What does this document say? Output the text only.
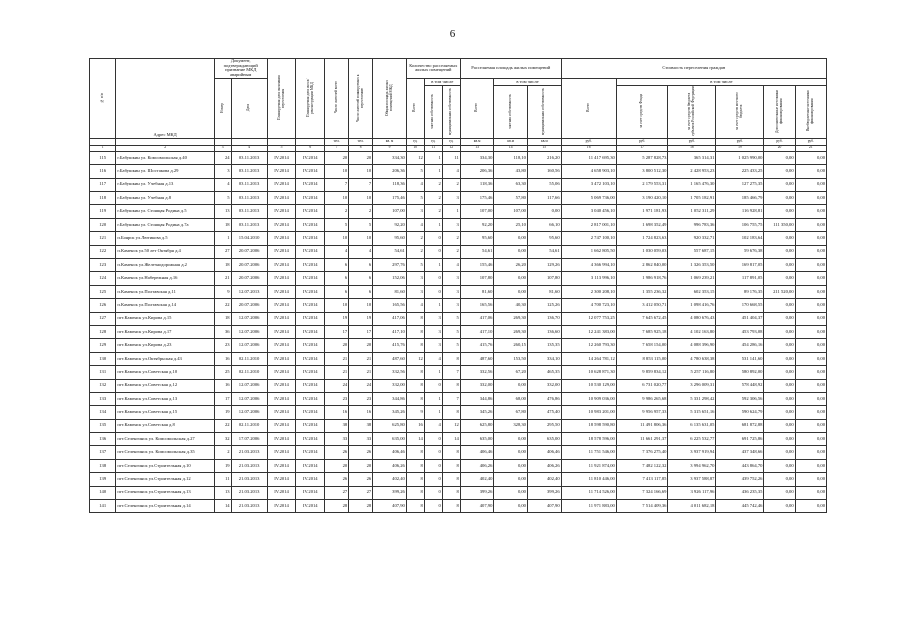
6
№ п/п	Адрес МКД	Документ, подтверждающий признание МКД аварийным		Планируемая дата окончания переселения	Планируемая дата сноса/реконструкции МКД	Число жителей всего	Число жителей планируемых к переселению	Общая площадь жилых помещений МКД	Количество расселяемых жилых помещений			Расселяемая площадь жилых помещений			Стоимость переселения граждан					
		Номер	Дата						Всего	в том числе		Всего	в том числе		Всего	в том числе				
										частная собственность	муниципальная собственность		частная собственность	муниципальная собственность		за счет средств Фонда	за счет средств бюджета субъекта Российской Федерации	за счет средств местного бюджета	Дополнительные источники финансирования	Внебюджетные источники финансирования
						чел.	чел.	кв. м	ед.	ед.	ед.	кв.м	кв.м	кв.м	руб.	руб.	руб.	руб.	руб.	руб.
1	2	3	4	5	6	7	8	9	10	11	12	13	14	15	16	17	18	19	20	21
115	г.Бабушкин ул. Комсомольская д.40	24	03.11.2013	IV.2014	IV.2014	20	20	334,30	12	1	11	334,30	118,10	216,20	11 417 695,30	5 287 828,73	365 314,31	1 025 990,00	0,00	0,00
116	г.Бабушкин ул. Шостакова д.29	3	03.11.2013	IV.2014	IV.2014	10	10	206,36	5	1	4	206,36	43,80	160,56	4 658 903,10	3 800 512,30	2 428 953,23	225 433,25	0,00	0,00
117	г.Бабушкин ул. Учебная д.13	4	03.11.2013	IV.2014	IV.2014	7	7	118,36	4	2	2	118,36	63,30	55,06	3 472 103,10	2 179 553,31	1 165 476,30	127 275,35	0,00	0,00
118	г.Бабушкин ул. Учебная д.8	5	03.11.2013	IV.2014	IV.2014	10	10	175,46	5	2	3	175,46	57,80	117,66	5 069 736,00	3 190 420,10	1 705 182,91	185 466,79	0,00	0,00
119	г.Бабушкин ул. Стоящая Родина д.5	13	03.11.2013	IV.2014	IV.2014	2	2	107,00	3	2	1	107,00	107,00	0,00	3 040 456,10	1 971 181,93	1 052 311,29	116 928,81	0,00	0,00
120	г.Бабушкин ул. Стоящая Родина д.7а	18	03.11.2013	IV.2014	IV.2014	5	5	92,20	4	1	3	92,20	25,10	66,10	2 817 001,10	1 698 352,49	996 783,36	106 755,75	111 350,00	0,00
121	п.Боярск ул.Лютикова д.5	1	15.04.2010	IV.2014	IV.2014	10	10	95,60	2	0	2	95,60	0,00	95,60	2 747 100,10	1 724 823,63	920 332,71	102 183,64	0,00	0,00
122	п.Каменск ул.50 лет Октября д.4	27	20.07.2006	IV.2014	IV.2014	4	4	54,61	2	0	2	54,61	0,00	54,61	1 662 805,50	1 030 059,03	557 687,15	59 676,38	0,00	0,00
123	п.Каменск ул.Железнодорожная д.2	18	20.07.2006	IV.2014	IV.2014	6	6	297,76	5	1	4	155,46	26,20	129,26	4 366 994,10	2 862 840,00	1 326 353,50	169 817,05	0,00	0,00
124	п.Каменск ул.Набережная д.16	21	20.07.2006	IV.2014	IV.2014	6	6	152,06	3	0	3	107,80	0,00	107,80	3 113 996,10	1 986 918,76	1 069 239,21	117 891,05	0,00	0,00
125	п.Каменск ул.Полтавская д.11	9	12.07.2013	IV.2014	IV.2014	6	6	81,60	3	0	3	81,60	0,00	81,60	2 300 208,10	1 355 236,32	602 353,15	89 176,35	211 520,00	0,00
126	п.Каменск ул.Полтавская д.14	22	20.07.2006	IV.2014	IV.2014	10	10	165,56	4	1	3	165,56	40,30	125,26	4 700 723,10	3 412 050,71	1 098 416,76	170 668,55	0,00	0,00
127	пгт.Каменск ул.Кирова д.15	18	12.07.2006	IV.2014	IV.2014	19	19	417,06	8	3	5	417,06	269,30	136,70	12 077 753,25	7 645 672,45	4 080 676,43	451 404,37	0,00	0,00
128	пгт.Каменск ул.Кирова д.17	36	12.07.2006	IV.2014	IV.2014	17	17	417,10	8	3	5	417,10	269,30	136,60	12 241 383,00	7 685 925,18	4 102 163,80	453 793,08	0,00	0,00
129	пгт.Каменск ул.Кирова д.23	23	12.07.2006	IV.2014	IV.2014	20	20	415,76	8	3	5	415,76	260,15	135,35	12 260 793,30	7 658 154,00	4 088 396,90	454 286,16	0,00	0,00
130	пгт.Каменск ул.Октябрьская д.43	16	02.11.2010	IV.2014	IV.2014	21	21	487,60	12	4	8	487,60	153,50	334,10	14 264 781,12	8 853 115,00	4 780 638,38	531 141,60	0,00	0,00
131	пгт.Каменск ул.Советская д.10	25	02.11.2010	IV.2014	IV.2014	21	21	332,56	8	1	7	332,56	67,20	465,35	10 628 871,30	9 859 834,12	5 257 116,80	580 892,00	0,00	0,00
132	пгт.Каменск ул.Советская д.12	16	12.07.2006	IV.2014	IV.2014	24	24	332,00	8	0	8	332,00	0,00	332,00	10 530 129,00	6 731 020,77	3 296 009,31	578 448,92	0,00	0,00
133	пгт.Каменск ул.Советская д.13	17	12.07.2006	IV.2014	IV.2014	23	23	344,86	8	1	7	344,86	68,00	476,86	10 909 036,00	9 986 265,68	5 331 298,42	592 306,56	0,00	0,00
134	пгт.Каменск ул.Советская д.15	19	12.07.2006	IV.2014	IV.2014	16	16	345,26	9	1	8	345,26	67,80	475,40	10 983 201,00	9 956 957,33	5 315 651,16	590 624,79	0,00	0,00
135	пгт.Каменск ул.Советская д.8	22	02.11.2010	IV.2014	IV.2014	38	38	625,80	16	4	12	625,80	328,30	295,50	18 598 590,80	11 491 806,36	6 135 631,05	681 872,88	0,00	0,00
136	пгт.Селенгинск ул. Комсомольская д.27	32	17.07.2006	IV.2014	IV.2014	33	33	635,00	14	0	14	635,00	0,00	635,00	18 578 596,00	11 661 291,37	6 225 532,77	691 725,86	0,00	0,00
137	пгт.Селенгинск ул. Комсомольская д.35	2	21.03.2013	IV.2014	IV.2014	26	26	406,46	8	0	8	406,46	0,00	406,46	11 751 546,00	7 376 275,40	3 937 919,94	437 348,66	0,00	0,00
138	пгт.Селенгинск ул.Строительная д.10	19	21.03.2013	IV.2014	IV.2014	20	20	406,26	8	0	8	406,26	0,00	406,26	11 921 874,00	7 482 122,32	3 994 962,70	443 864,70	0,00	0,00
139	пгт.Селенгинск ул.Строительная д.12	11	21.03.2013	IV.2014	IV.2014	26	26	402,40	8	0	8	402,40	0,00	402,40	11 810 446,00	7 413 117,85	3 937 588,87	439 752,26	0,00	0,00
140	пгт.Селенгинск ул.Строительная д.13	13	21.03.2013	IV.2014	IV.2014	27	27	399,26	8	0	8	399,26	0,00	399,26	11 714 526,00	7 324 166,69	3 926 117,96	436 235,35	0,00	0,00
141	пгт.Селенгинск ул.Строительная д.14	14	21.03.2013	IV.2014	IV.2014	28	28	407,90	8	0	8	407,90	0,00	407,90	11 971 883,00	7 514 409,36	4 011 682,18	445 742,46	0,00	0,00
